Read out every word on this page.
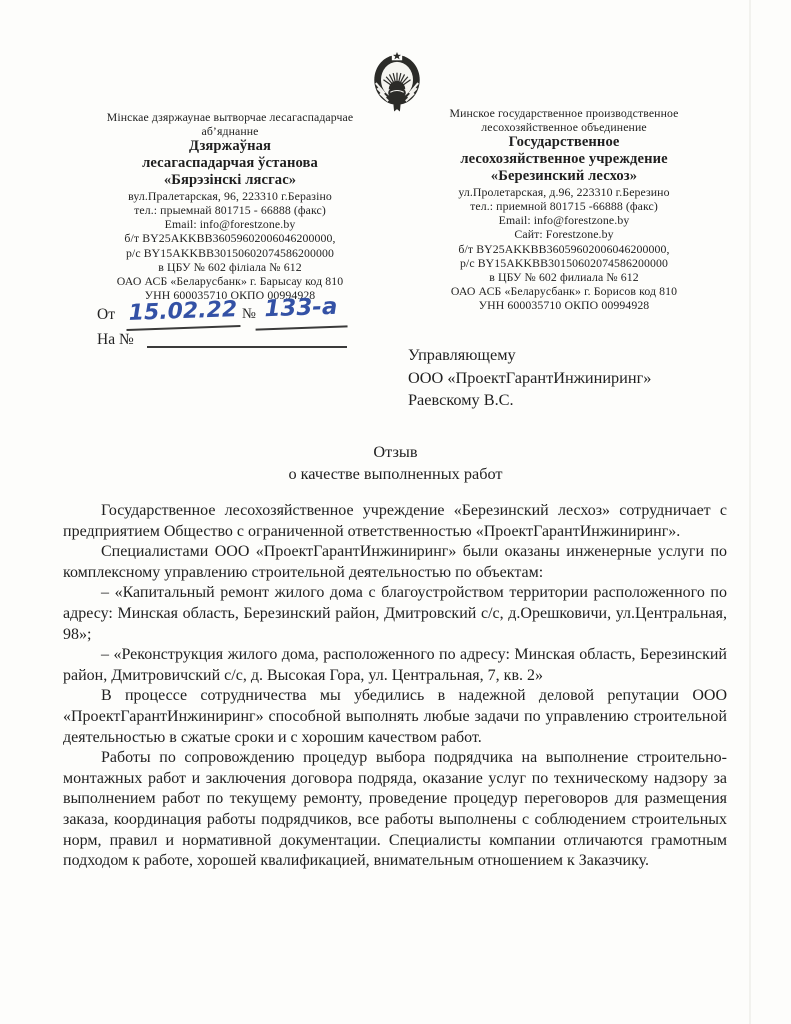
Мінскае дзяржаунае вытворчае лесагаспадарчае
аб’яднанне
Дзяржаўная
лесагаспадарчая ўстанова
«Бярэзінскі лясгас»
вул.Пралетарская, 96, 223310 г.Беразіно
тел.: прыемнай 801715 - 66888 (факс)
Email: info@forestzone.by
б/т BY25AKKBB36059602006046200000,
р/с BY15AKKBB30150602074586200000
в ЦБУ № 602 філіала № 612
ОАО АСБ «Беларусбанк» г. Барысау код 810
УНН 600035710 ОКПО 00994928
Минское государственное производственное
лесохозяйственное объединение
Государственное
лесохозяйственное учреждение
«Березинский лесхоз»
ул.Пролетарская, д.96, 223310 г.Березино
тел.: приемной 801715 -66888 (факс)
Email: info@forestzone.by
Сайт: Forestzone.by
б/т BY25AKKBB36059602006046200000,
р/с BY15AKKBB30150602074586200000
в ЦБУ № 602 филиала № 612
ОАО АСБ «Беларусбанк» г. Борисов код 810
УНН 600035710 ОКПО 00994928
От 15.02.22 № 133-а
На №
Управляющему
ООО «ПроектГарантИнжиниринг»
Раевскому В.С.
Отзыв
о качестве выполненных работ

Государственное лесохозяйственное учреждение «Березинский лесхоз» сотрудничает с предприятием Общество с ограниченной ответственностью «ПроектГарантИнжиниринг».

Специалистами ООО «ПроектГарантИнжиниринг» были оказаны инженерные услуги по комплексному управлению строительной деятельностью по объектам:

– «Капитальный ремонт жилого дома с благоустройством территории расположенного по адресу: Минская область, Березинский район, Дмитровский с/с, д.Орешковичи, ул.Центральная, 98»;

– «Реконструкция жилого дома, расположенного по адресу: Минская область, Березинский район, Дмитровичский с/с, д. Высокая Гора, ул. Центральная, 7, кв. 2»

В процессе сотрудничества мы убедились в надежной деловой репутации ООО «ПроектГарантИнжиниринг» способной выполнять любые задачи по управлению строительной деятельностью в сжатые сроки и с хорошим качеством работ.

Работы по сопровождению процедур выбора подрядчика на выполнение строительно-монтажных работ и заключения договора подряда, оказание услуг по техническому надзору за выполнением работ по текущему ремонту, проведение процедур переговоров для размещения заказа, координация работы подрядчиков, все работы выполнены с соблюдением строительных норм, правил и нормативной документации. Специалисты компании отличаются грамотным подходом к работе, хорошей квалификацией, внимательным отношением к Заказчику.
